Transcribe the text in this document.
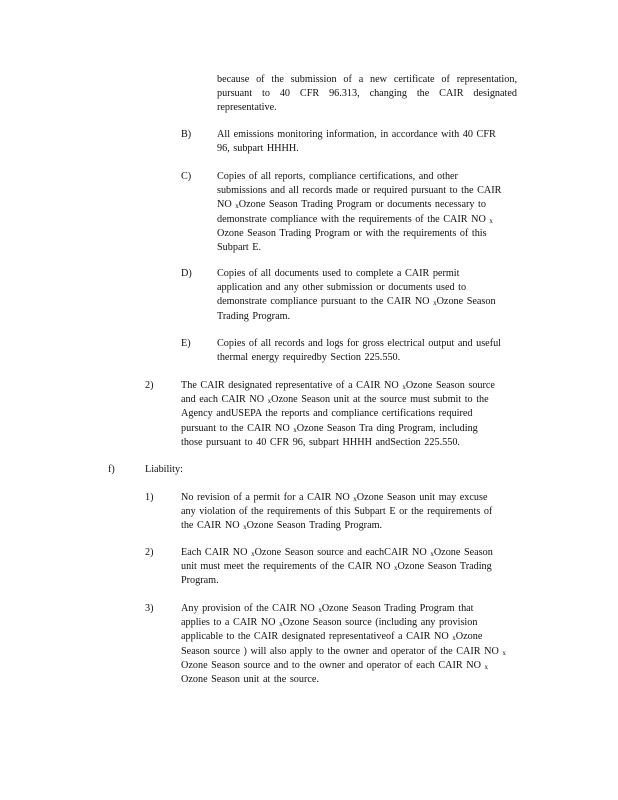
because of the submission of a new certificate of representation, pursuant to 40 CFR 96.313, changing the CAIR designated representative.
B)	All emissions monitoring information, in accordance with 40 CFR
96, subpart HHHH.
C)	Copies of all reports, compliance certifications, and other
submissions and all records made or required pursuant to the CAIR
NO $_x$Ozone Season Trading Program or documents necessary to
demonstrate compliance with the requirements of the CAIR NO $_x$
Ozone Season Trading Program or with the requirements of this
Subpart E.
D) Copies of all documents used to complete a CAIR permit
application and any other submission or documents used to
demonstrate compliance pursuant to the CAIR NO $_x$Ozone Season
Trading Program.
E)	Copies of all records and logs for gross electrical output and useful
thermal energy requiredby Section 225.550.
2)	The CAIR designated representative of a CAIR NO $_x$Ozone Season source
and each CAIR NO $_x$Ozone Season unit at the source must submit to the
Agency andUSEPA the reports and compliance certifications required
pursuant to the CAIR NO $_x$Ozone Season Tra ding Program, including
those pursuant to 40 CFR 96, subpart HHHH andSection 225.550.
f)	Liability:
1)	No revision of a permit for a CAIR NO $_x$Ozone Season unit may excuse
any violation of the requirements of this Subpart E or the requirements of
the CAIR NO $_x$Ozone Season Trading Program.
2)	Each CAIR NO $_x$Ozone Season source and eachCAIR NO $_x$Ozone Season
unit must meet the requirements of the CAIR NO $_x$Ozone Season Trading
Program.
3)	Any provision of the CAIR NO $_x$Ozone Season Trading Program that
applies to a CAIR NO $_x$Ozone Season source (including any provision
applicable to the CAIR designated representativeof a CAIR NO $_x$Ozone
Season source ) will also apply to the owner and operator of the CAIR NO $_x$
Ozone Season source and to the owner and operator of each CAIR NO $_x$
Ozone Season unit at the source.
